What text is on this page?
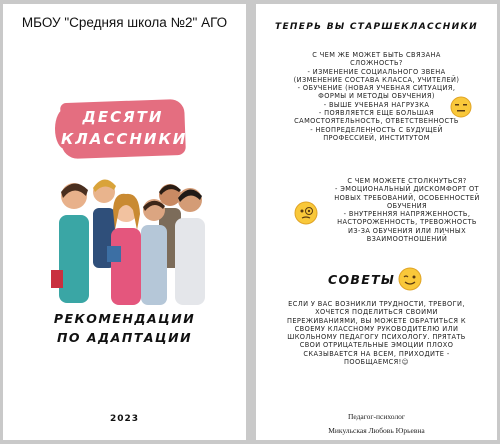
МБОУ "Средняя школа №2" АГО
ДЕСЯТИ
КЛАССНИКИ
РЕКОМЕНДАЦИИ
ПО АДАПТАЦИИ
2023
ТЕПЕРЬ ВЫ СТАРШЕКЛАССНИКИ
С ЧЕМ ЖЕ МОЖЕТ БЫТЬ СВЯЗАНА
СЛОЖНОСТЬ?
- ИЗМЕНЕНИЕ СОЦИАЛЬНОГО ЗВЕНА
(ИЗМЕНЕНИЕ СОСТАВА КЛАССА, УЧИТЕЛЕЙ)
- ОБУЧЕНИЕ (НОВАЯ УЧЕБНАЯ СИТУАЦИЯ,
ФОРМЫ И МЕТОДЫ ОБУЧЕНИЯ)
- ВЫШЕ УЧЕБНАЯ НАГРУЗКА
- ПОЯВЛЯЕТСЯ ЕЩЕ БОЛЬШАЯ
САМОСТОЯТЕЛЬНОСТЬ, ОТВЕТСТВЕННОСТЬ
- НЕОПРЕДЕЛЕННОСТЬ С БУДУЩЕЙ
ПРОФЕССИЕЙ, ИНСТИТУТОМ
С ЧЕМ МОЖЕТЕ СТОЛКНУТЬСЯ?
- ЭМОЦИОНАЛЬНЫЙ ДИСКОМФОРТ ОТ
НОВЫХ ТРЕБОВАНИЙ, ОСОБЕННОСТЕЙ
ОБУЧЕНИЯ
- ВНУТРЕННЯЯ НАПРЯЖЕННОСТЬ,
НАСТОРОЖЕННОСТЬ, ТРЕВОЖНОСТЬ
ИЗ-ЗА ОБУЧЕНИЯ ИЛИ ЛИЧНЫХ
ВЗАИМООТНОШЕНИЙ
СОВЕТЫ
ЕСЛИ У ВАС ВОЗНИКЛИ ТРУДНОСТИ, ТРЕВОГИ,
ХОЧЕТСЯ ПОДЕЛИТЬСЯ СВОИМИ
ПЕРЕЖИВАНИЯМИ, ВЫ МОЖЕТЕ ОБРАТИТЬСЯ К
СВОЕМУ КЛАССНОМУ РУКОВОДИТЕЛЮ ИЛИ
ШКОЛЬНОМУ ПЕДАГОГУ ПСИХОЛОГУ. ПРЯТАТЬ
СВОИ ОТРИЦАТЕЛЬНЫЕ ЭМОЦИИ ПЛОХО
СКАЗЫВАЕТСЯ НА ВСЕМ, ПРИХОДИТЕ -
ПООБЩАЕМСЯ!☺
Педагог-психолог
Микульская Любовь Юрьевна
